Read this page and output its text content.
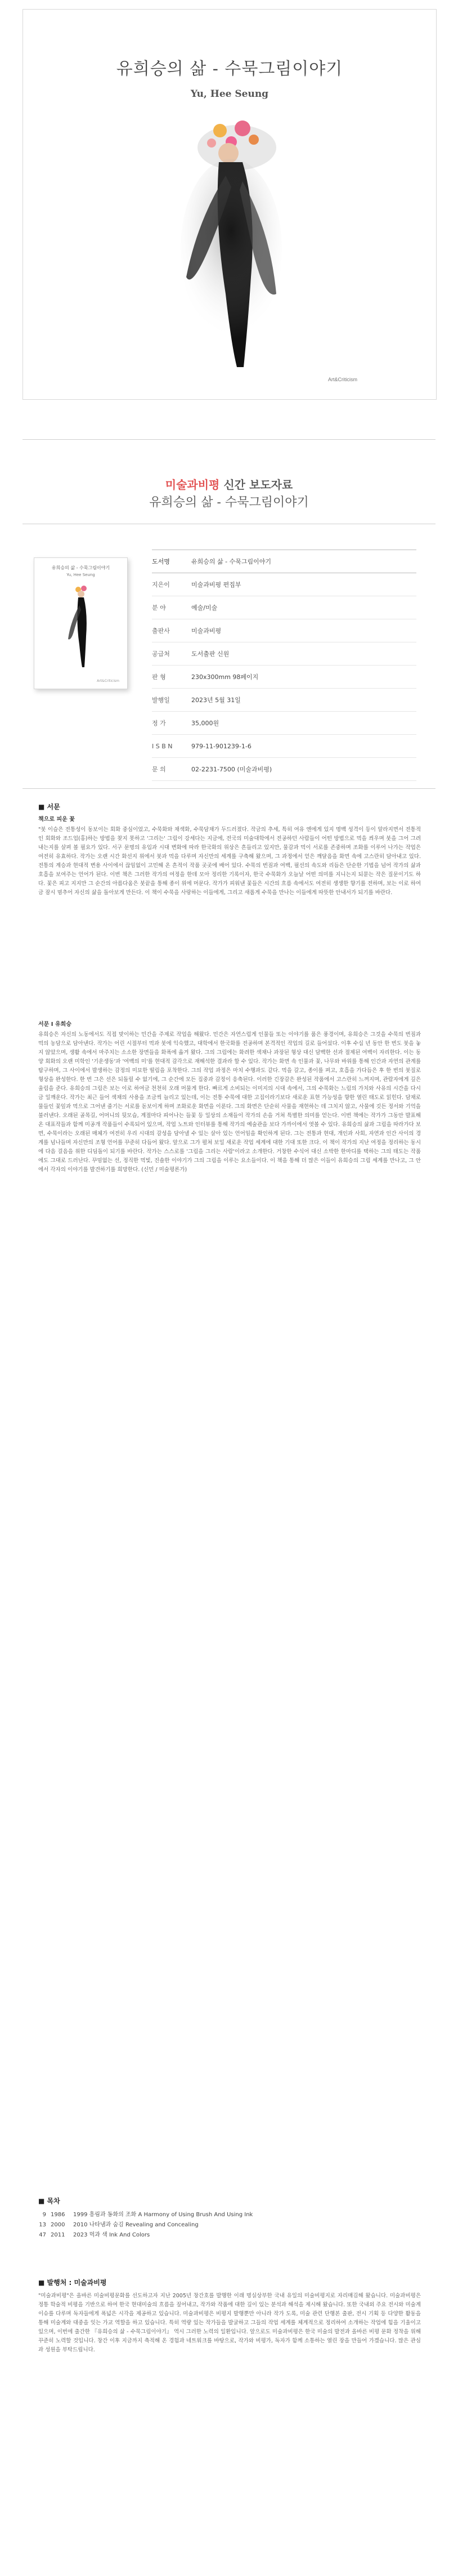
유희승의 삶 - 수묵그림이야기
Yu, Hee Seung
Art&Criticism
미술과비평 신간 보도자료
유희승의 삶 - 수묵그림이야기
유희승의 삶 - 수묵그림이야기
Yu, Hee Seung
Art&Criticism
도서명	유희승의 삶 - 수묵그림이야기
지은이	미술과비평 편집부
분 야	예술/미술
출판사	미술과비평
공급처	도서출판 신원
판 형	230x300mm 98페이지
발행일	2023년 5월 31일
정 가	35,000원
I S B N	979-11-901239-1-6
문 의	02-2231-7500 (미술과비평)
■ 서문
책으로 피운 꽃

"붓 이슬은 전통성이 동보이는 회화 중심이었고, 수묵화와 채색화, 수묵담채가 두드러졌다. 작금의 추세, 특히 여유 엔에게 있지 명백 성격이 등이 알라지면서 전통적인 회화와 조드업(홍)하는 방법을 찾지 못하고 '그리는' 그림이 강세다는 지금에, 전국의 미술대학에서 전공하던 사람들이 어떤 방법으로 먹을 씌우며 붓을 그어 그려내는지를 살펴 볼 필요가 있다. 서구 문명의 유입과 시대 변화에 따라 한국화의 위상은 흔들리고 있지만, 물감과 먹이 서로를 존중하며 조화를 이루어 나가는 작업은 여전히 유효하다. 작가는 오랜 시간 화선지 위에서 붓과 먹을 다루며 자신만의 세계를 구축해 왔으며, 그 과정에서 얻은 깨달음을 화면 속에 고스란히 담아내고 있다. 전통의 계승과 현대적 변용 사이에서 끊임없이 고민해 온 흔적이 작품 곳곳에 배어 있다. 수묵의 번짐과 여백, 필선의 속도와 리듬은 단순한 기법을 넘어 작가의 삶과 호흡을 보여주는 언어가 된다. 이번 책은 그러한 작가의 여정을 한데 모아 정리한 기록이자, 한국 수묵화가 오늘날 어떤 의미를 지니는지 되묻는 작은 질문이기도 하다. 꽃은 피고 지지만 그 순간의 아름다움은 붓끝을 통해 종이 위에 머문다. 작가가 피워낸 꽃들은 시간의 흐름 속에서도 여전히 생생한 향기를 전하며, 보는 이로 하여금 잠시 멈추어 자신의 삶을 돌아보게 만든다. 이 책이 수묵을 사랑하는 이들에게, 그리고 새롭게 수묵을 만나는 이들에게 따뜻한 안내서가 되기를 바란다.

서문 I 유희승

유희승은 자신의 노동에서도 직접 맞이하는 민간을 주제로 작업을 해왔다. 민간은 자연스럽게 인물들 또는 이야기를 품은 풍경이며, 유희승은 그것을 수묵의 번짐과 먹의 농담으로 담아낸다. 작가는 어린 시절부터 먹과 붓에 익숙했고, 대학에서 한국화를 전공하며 본격적인 작업의 길로 들어섰다. 이후 수십 년 동안 한 번도 붓을 놓지 않았으며, 생활 속에서 마주치는 소소한 장면들을 화폭에 옮겨 왔다. 그의 그림에는 화려한 색채나 과장된 형상 대신 담백한 선과 절제된 여백이 자리한다. 이는 동양 회화의 오랜 미학인 '기운생동'과 '여백의 미'를 현대적 감각으로 재해석한 결과라 할 수 있다. 작가는 화면 속 인물과 꽃, 나무와 바위를 통해 인간과 자연의 관계를 탐구하며, 그 사이에서 발생하는 감정의 미묘한 떨림을 포착한다. 그의 작업 과정은 마치 수행과도 같다. 먹을 갈고, 종이를 펴고, 호흡을 가다듬은 후 한 번의 붓질로 형상을 완성한다. 한 번 그은 선은 되돌릴 수 없기에, 그 순간에 모든 집중과 감정이 응축된다. 이러한 긴장감은 완성된 작품에서 고스란히 느껴지며, 관람자에게 깊은 울림을 준다. 유희승의 그림은 보는 이로 하여금 천천히 오래 머물게 한다. 빠르게 소비되는 이미지의 시대 속에서, 그의 수묵화는 느림의 가치와 사유의 시간을 다시금 일깨운다. 작가는 최근 들어 색채의 사용을 조금씩 늘리고 있는데, 이는 전통 수묵에 대한 고집이라기보다 새로운 표현 가능성을 향한 열린 태도로 읽힌다. 담채로 물들인 꽃잎과 먹으로 그어낸 줄기는 서로를 돋보이게 하며 조화로운 화면을 이룬다. 그의 화면은 단순히 사물을 재현하는 데 그치지 않고, 사물에 깃든 정서와 기억을 불러낸다. 오래된 골목길, 어머니의 뒷모습, 계절마다 피어나는 들꽃 등 일상의 소재들이 작가의 손을 거쳐 특별한 의미를 얻는다. 이번 책에는 작가가 그동안 발표해 온 대표작들과 함께 미공개 작품들이 수록되어 있으며, 작업 노트와 인터뷰를 통해 작가의 예술관을 보다 가까이에서 엿볼 수 있다. 유희승의 삶과 그림을 따라가다 보면, 수묵이라는 오래된 매체가 여전히 우리 시대의 감성을 담아낼 수 있는 살아 있는 언어임을 확인하게 된다. 그는 전통과 현대, 개인과 사회, 자연과 인간 사이의 경계를 넘나들며 자신만의 조형 언어를 꾸준히 다듬어 왔다. 앞으로 그가 펼쳐 보일 새로운 작업 세계에 대한 기대 또한 크다. 이 책이 작가의 지난 여정을 정리하는 동시에 다음 걸음을 위한 디딤돌이 되기를 바란다. 작가는 스스로를 '그림을 그리는 사람'이라고 소개한다. 거창한 수식어 대신 소박한 한마디를 택하는 그의 태도는 작품에도 그대로 드러난다. 꾸밈없는 선, 정직한 먹빛, 진솔한 이야기가 그의 그림을 이루는 요소들이다. 이 책을 통해 더 많은 이들이 유희승의 그림 세계를 만나고, 그 안에서 각자의 이야기를 발견하기를 희망한다. (신민 / 미술평론가)

■ 목차
9 1986	1999 흥림과 동화의 조화 A Harmony of Using Brush And Using Ink
13 2000	2010 나타냄과 숨김 Revealing and Concealing
47 2011	2023 먹과 색 Ink And Colors
■ 발행처 : 미술과비평

"미술과비평"은 올바른 미술비평문화를 선도하고자 지난 2005년 창간호를 발행한 이래 명실상부한 국내 유일의 미술비평지로 자리매김해 왔습니다. 미술과비평은 정통 학술적 비평을 기반으로 하여 한국 현대미술의 흐름을 짚어내고, 작가와 작품에 대한 깊이 있는 분석과 해석을 제시해 왔습니다. 또한 국내외 주요 전시와 미술계 이슈를 다루며 독자들에게 폭넓은 시각을 제공하고 있습니다. 미술과비평은 비평지 발행뿐만 아니라 작가 도록, 미술 관련 단행본 출판, 전시 기획 등 다양한 활동을 통해 미술계와 대중을 잇는 가교 역할을 하고 있습니다. 특히 역량 있는 작가들을 발굴하고 그들의 작업 세계를 체계적으로 정리하여 소개하는 작업에 힘을 기울이고 있으며, 이번에 출간한 『유희승의 삶 - 수묵그림이야기』 역시 그러한 노력의 일환입니다. 앞으로도 미술과비평은 한국 미술의 발전과 올바른 비평 문화 정착을 위해 꾸준히 노력할 것입니다. 창간 이후 지금까지 축적해 온 경험과 네트워크를 바탕으로, 작가와 비평가, 독자가 함께 소통하는 열린 장을 만들어 가겠습니다. 많은 관심과 성원을 부탁드립니다.
